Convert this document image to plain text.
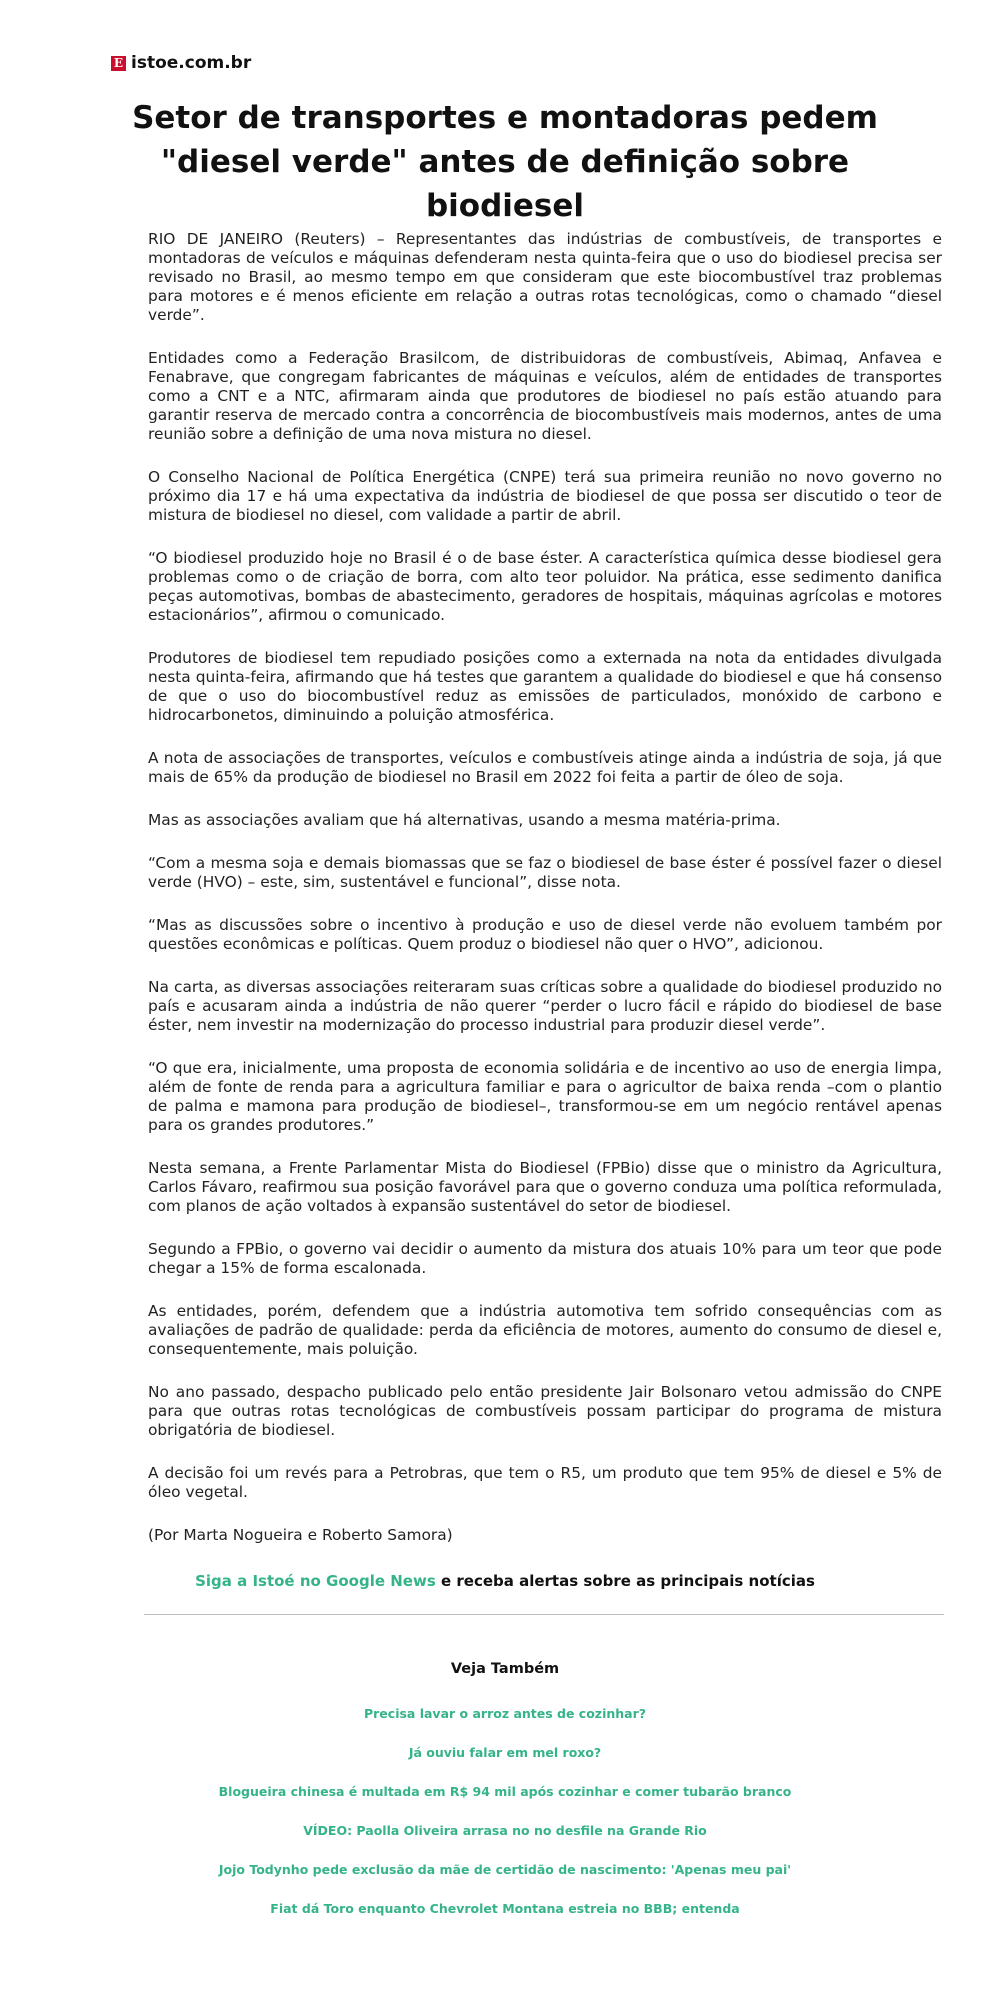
E istoe.com.br
Setor de transportes e montadoras pedem "diesel verde" antes de definição sobre biodiesel

RIO DE JANEIRO (Reuters) – Representantes das indústrias de combustíveis, de transportes e montadoras de veículos e máquinas defenderam nesta quinta-feira que o uso do biodiesel precisa ser revisado no Brasil, ao mesmo tempo em que consideram que este biocombustível traz problemas para motores e é menos eficiente em relação a outras rotas tecnológicas, como o chamado “diesel verde”.

Entidades como a Federação Brasilcom, de distribuidoras de combustíveis, Abimaq, Anfavea e Fenabrave, que congregam fabricantes de máquinas e veículos, além de entidades de transportes como a CNT e a NTC, afirmaram ainda que produtores de biodiesel no país estão atuando para garantir reserva de mercado contra a concorrência de biocombustíveis mais modernos, antes de uma reunião sobre a definição de uma nova mistura no diesel.

O Conselho Nacional de Política Energética (CNPE) terá sua primeira reunião no novo governo no próximo dia 17 e há uma expectativa da indústria de biodiesel de que possa ser discutido o teor de mistura de biodiesel no diesel, com validade a partir de abril.

“O biodiesel produzido hoje no Brasil é o de base éster. A característica química desse biodiesel gera problemas como o de criação de borra, com alto teor poluidor. Na prática, esse sedimento danifica peças automotivas, bombas de abastecimento, geradores de hospitais, máquinas agrícolas e motores estacionários”, afirmou o comunicado.

Produtores de biodiesel tem repudiado posições como a externada na nota da entidades divulgada nesta quinta-feira, afirmando que há testes que garantem a qualidade do biodiesel e que há consenso de que o uso do biocombustível reduz as emissões de particulados, monóxido de carbono e hidrocarbonetos, diminuindo a poluição atmosférica.

A nota de associações de transportes, veículos e combustíveis atinge ainda a indústria de soja, já que mais de 65% da produção de biodiesel no Brasil em 2022 foi feita a partir de óleo de soja.

Mas as associações avaliam que há alternativas, usando a mesma matéria-prima.

“Com a mesma soja e demais biomassas que se faz o biodiesel de base éster é possível fazer o diesel verde (HVO) – este, sim, sustentável e funcional”, disse nota.

“Mas as discussões sobre o incentivo à produção e uso de diesel verde não evoluem também por questões econômicas e políticas. Quem produz o biodiesel não quer o HVO”, adicionou.

Na carta, as diversas associações reiteraram suas críticas sobre a qualidade do biodiesel produzido no país e acusaram ainda a indústria de não querer “perder o lucro fácil e rápido do biodiesel de base éster, nem investir na modernização do processo industrial para produzir diesel verde”.

“O que era, inicialmente, uma proposta de economia solidária e de incentivo ao uso de energia limpa, além de fonte de renda para a agricultura familiar e para o agricultor de baixa renda –com o plantio de palma e mamona para produção de biodiesel–, transformou-se em um negócio rentável apenas para os grandes produtores.”

Nesta semana, a Frente Parlamentar Mista do Biodiesel (FPBio) disse que o ministro da Agricultura, Carlos Fávaro, reafirmou sua posição favorável para que o governo conduza uma política reformulada, com planos de ação voltados à expansão sustentável do setor de biodiesel.

Segundo a FPBio, o governo vai decidir o aumento da mistura dos atuais 10% para um teor que pode chegar a 15% de forma escalonada.

As entidades, porém, defendem que a indústria automotiva tem sofrido consequências com as avaliações de padrão de qualidade: perda da eficiência de motores, aumento do consumo de diesel e, consequentemente, mais poluição.

No ano passado, despacho publicado pelo então presidente Jair Bolsonaro vetou admissão do CNPE para que outras rotas tecnológicas de combustíveis possam participar do programa de mistura obrigatória de biodiesel.

A decisão foi um revés para a Petrobras, que tem o R5, um produto que tem 95% de diesel e 5% de óleo vegetal.

(Por Marta Nogueira e Roberto Samora)

Siga a Istoé no Google News e receba alertas sobre as principais notícias
Veja Também
Precisa lavar o arroz antes de cozinhar?
Já ouviu falar em mel roxo?
Blogueira chinesa é multada em R$ 94 mil após cozinhar e comer tubarão branco
VÍDEO: Paolla Oliveira arrasa no no desfile na Grande Rio
Jojo Todynho pede exclusão da mãe de certidão de nascimento: 'Apenas meu pai'
Fiat dá Toro enquanto Chevrolet Montana estreia no BBB; entenda
